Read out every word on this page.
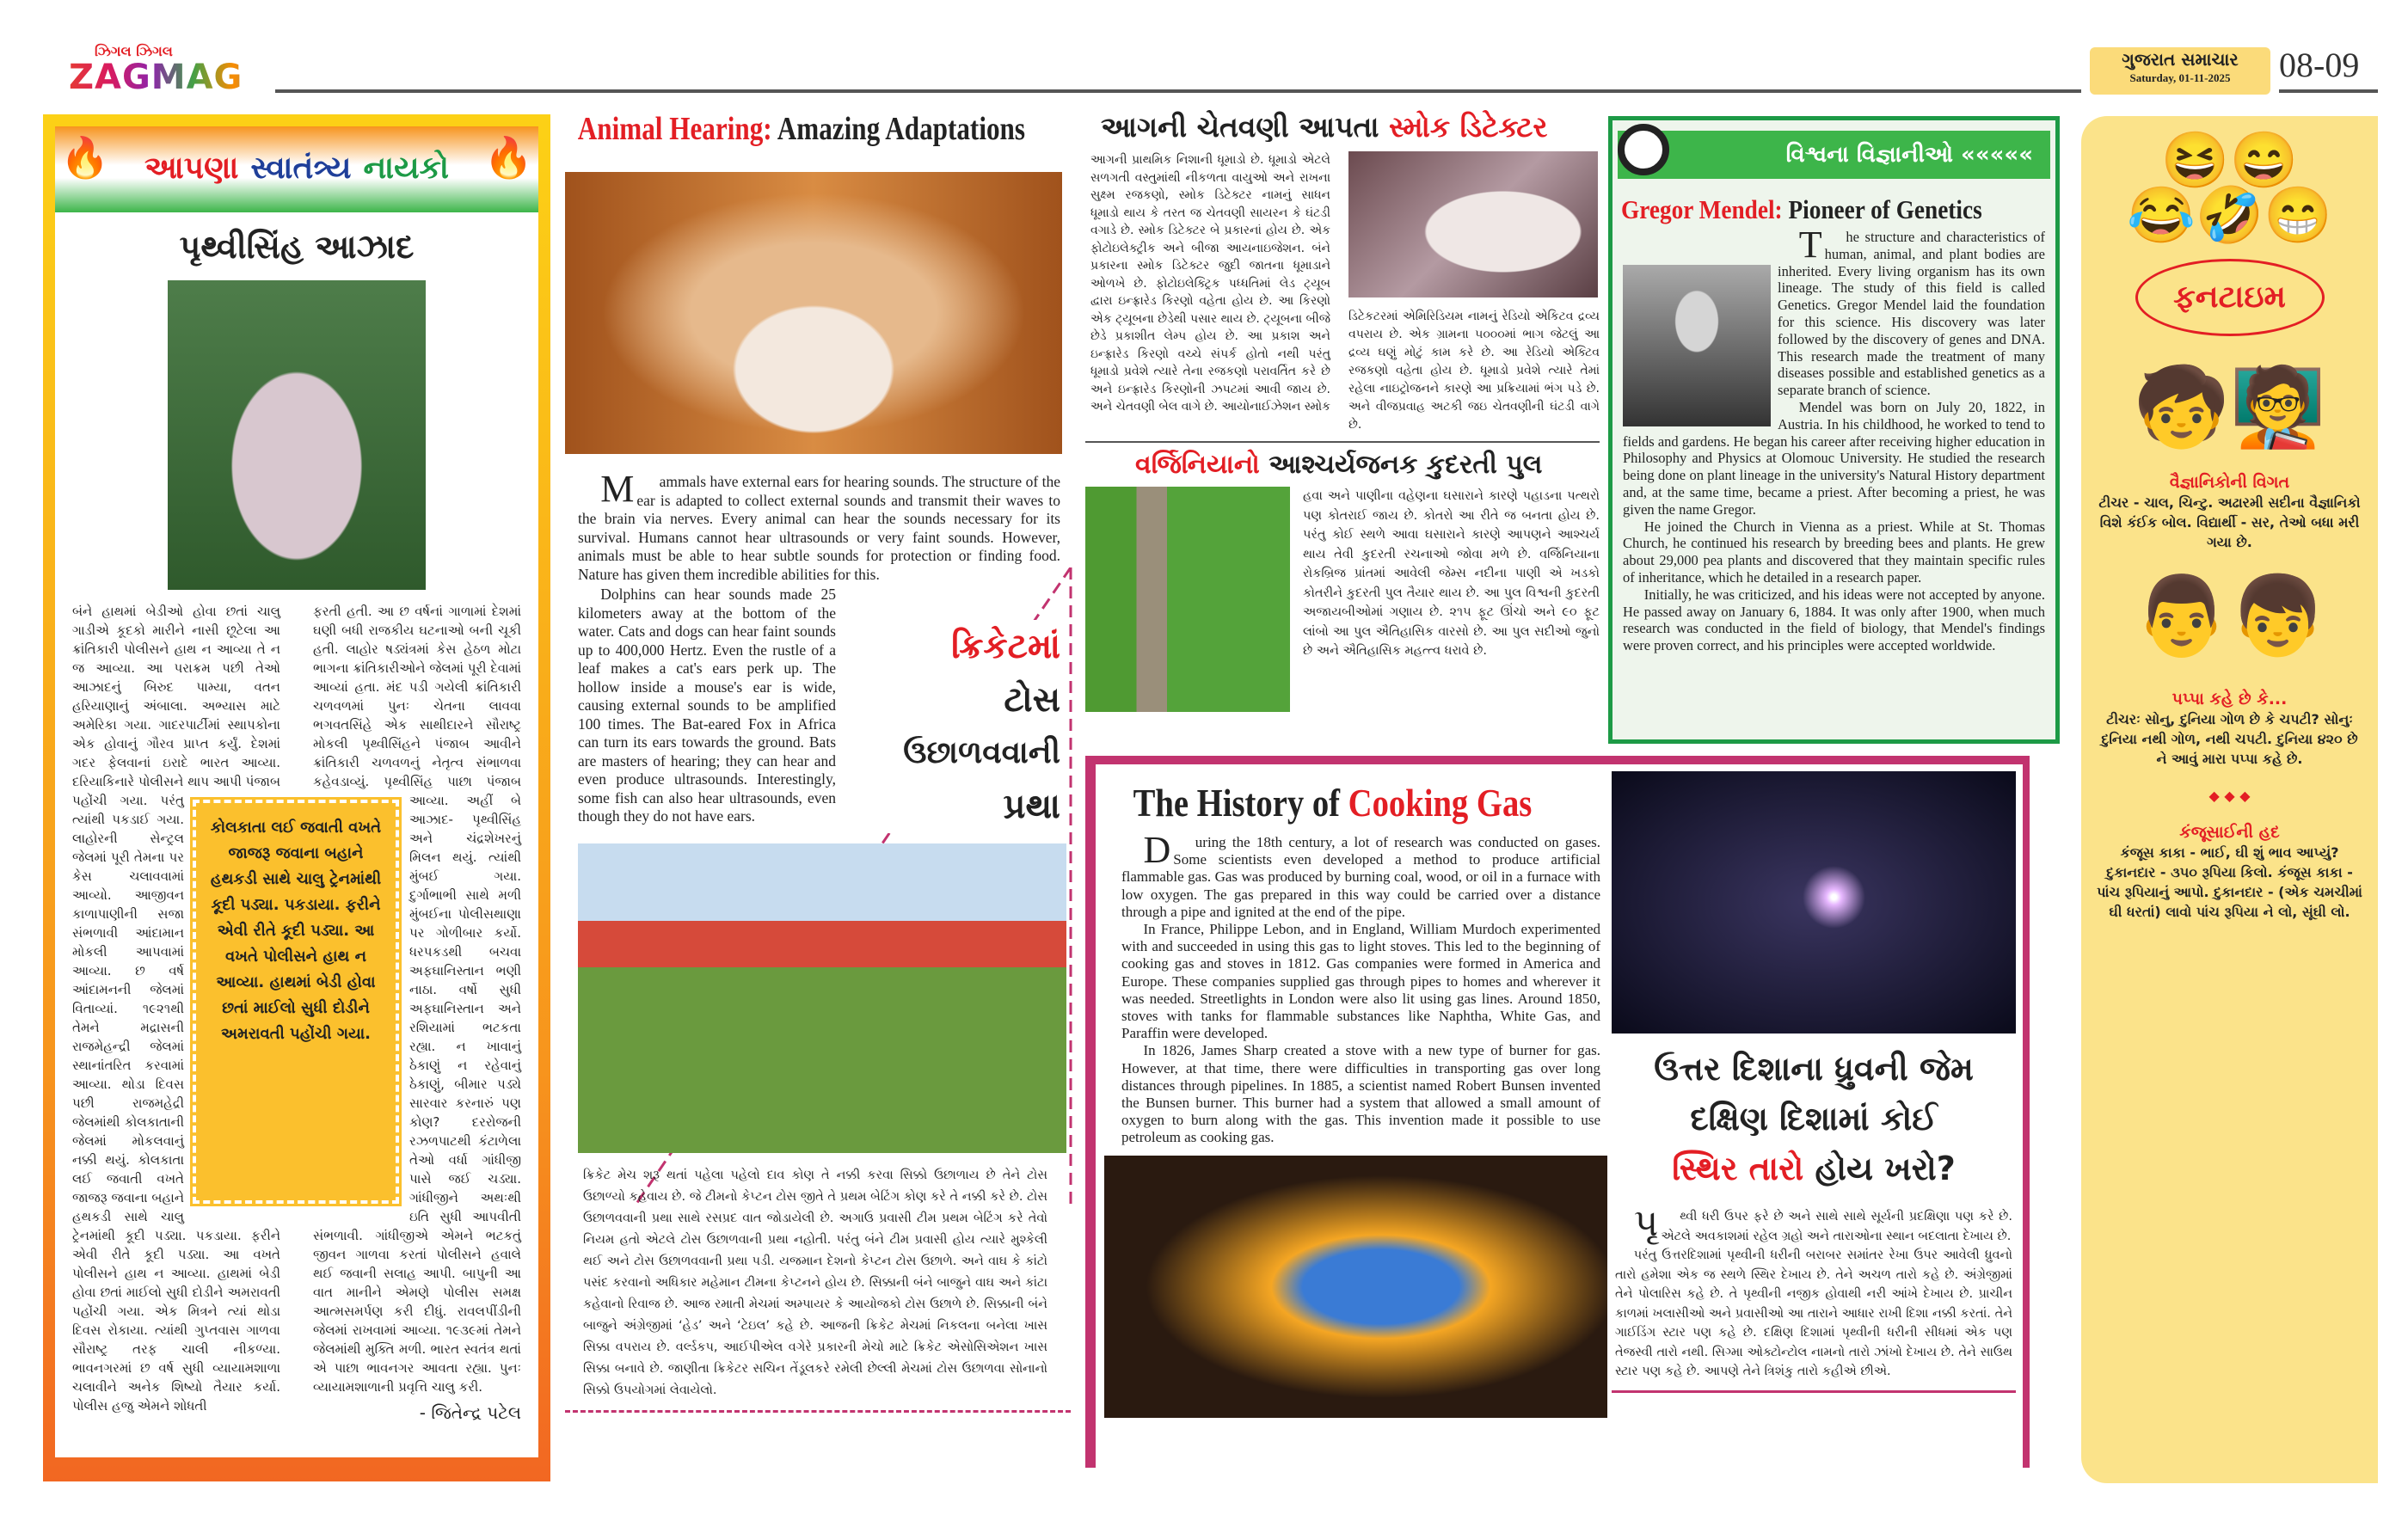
ઝિગલ ઝિગલ
ZAGMAG	ગુજરાત સમાચાર
Saturday, 01-11-2025	08-09
🔥	🔥
આપણા સ્વાતંત્ર્ય નાયકો
પૃથ્વીસિંહ આઝાદ
બંને હાથમાં બેડીઓ હોવા છતાં ચાલુ ગાડીએ કૂદકો મારીને નાસી છૂટેલા આ ક્રાંતિકારી પોલીસને હાથ ન આવ્યા તે ન જ આવ્યા. આ પરાક્રમ પછી તેઓ આઝાદનું બિરુદ પામ્યા, વતન હરિયાણાનું અંબાલા. અભ્યાસ માટે અમેરિકા ગયા. ગાદરપાર્ટીમાં સ્થાપકોના એક હોવાનું ગૌરવ પ્રાપ્ત કર્યું. દેશમાં ગદર ફેલવાનાં ઇરાદે ભારત આવ્યા. દરિયાકિનારે પોલીસને થાપ આપી પંજાબ પહોંચી ગયા. પરંતુ ત્યાંથી પકડાઈ ગયા. લાહોરની સેન્ટ્રલ જેલમાં પૂરી તેમના પર કેસ ચલાવવામાં આવ્યો. આજીવન કાળાપાણીની સજા સંભળાવી આંદામાન મોકલી આપવામાં આવ્યા. છ વર્ષ આંદામનની જેલમાં વિતાવ્યાં. ૧૯૨૧થી તેમને મદ્રાસની રાજમેહન્દ્રી જેલમાં સ્થાનાંતરિત કરવામાં આવ્યા. થોડા દિવસ પછી રાજમહેદ્રી જેલમાંથી કોલકાતાની જેલમાં મોકલવાનું નક્કી થયું. કોલકાતા લઈ જવાતી વખતે જાજરૂ જવાના બહાને હથકડી સાથે ચાલુ ટ્રેનમાંથી કૂદી પડ્યા. પકડાયા. ફરીને એવી રીતે કૂદી પડ્યા. આ વખતે પોલીસને હાથ ન આવ્યા. હાથમાં બેડી હોવા છતાં માઈલો સુધી દોડીને અમરાવતી પહોંચી ગયા. એક મિત્રને ત્યાં થોડા દિવસ રોકાયા. ત્યાંથી ગુપ્તવાસ ગાળવા સૌરાષ્ટ્ર તરફ ચાલી નીકળ્યા. ભાવનગરમાં છ વર્ષ સુધી વ્યાયામશાળા ચલાવીને અનેક શિષ્યો તૈયાર કર્યા. પોલીસ હજુ એમને શોધતી
ફરતી હતી. આ છ વર્ષનાં ગાળામાં દેશમાં ઘણી બધી રાજકીય ઘટનાઓ બની ચૂકી હતી. લાહોર ષડ્યંત્રમાં કેસ હેઠળ મોટા ભાગના ક્રાંતિકારીઓને જેલમાં પૂરી દેવામાં આવ્યાં હતા. મંદ પડી ગયેલી ક્રાંતિકારી ચળવળમાં પુનઃ ચેતના લાવવા ભગવતસિંહે એક સાથીદારને સૌરાષ્ટ્ર મોકલી પૃથ્વીસિંહને પંજાબ આવીને ક્રાંતિકારી ચળવળનું નેતૃત્વ સંભાળવા કહેવડાવ્યું. પૃથ્વીસિંહ પાછા પંજાબ આવ્યા. અહીં બે આઝાદ- પૃથ્વીસિંહ અને ચંદ્રશેખરનું મિલન થયું. ત્યાંથી મુંબઈ ગયા. દુર્ગાભાભી સાથે મળી મુંબઈના પોલીસથાણા પર ગોળીબાર કર્યો. ધરપકડથી બચવા અફઘાનિસ્તાન ભણી નાઠા. વર્ષો સુધી અફઘાનિસ્તાન અને રશિયામાં ભટકતા રહ્યા. ન ખાવાનું ઠેકાણું ન રહેવાનું ઠેકાણું, બીમાર પડ્યે સારવાર કરનારું પણ કોણ? દરરોજની રઝળપાટથી કંટાળેલા તેઓ વર્ધા ગાંધીજી પાસે જઈ ચડ્યા. ગાંધીજીને અથઃથી ઇતિ સુધી આપવીતી સંભળાવી. ગાંધીજીએ એમને ભટકતું જીવન ગાળવા કરતાં પોલીસને હવાલે થઈ જવાની સલાહ આપી. બાપુની આ વાત માનીને એમણે પોલીસ સમક્ષ આત્મસમર્પણ કરી દીધું. રાવલપીંડીની જેલમાં રાખવામાં આવ્યા. ૧૯૩૯માં તેમને જેલમાંથી મુક્તિ મળી. ભારત સ્વતંત્ર થતાં એ પાછા ભાવનગર આવતા રહ્યા. પુનઃ વ્યાયામશાળાની પ્રવૃત્તિ ચાલુ કરી.
- જિતેન્દ્ર પટેલ
કોલકાતા લઈ જવાતી વખતે જાજરૂ જવાના બહાને હથકડી સાથે ચાલુ ટ્રેનમાંથી કૂદી પડ્યા. પકડાયા. ફરીને એવી રીતે કૂદી પડ્યા. આ વખતે પોલીસને હાથ ન આવ્યા. હાથમાં બેડી હોવા છતાં માઈલો સુધી દોડીને અમરાવતી પહોંચી ગયા.
Animal Hearing: Amazing Adaptations

Mammals have external ears for hearing sounds. The structure of the ear is adapted to collect external sounds and transmit their waves to the brain via nerves. Every animal can hear the sounds necessary for its survival. Humans cannot hear ultrasounds or very faint sounds. However, animals must be able to hear subtle sounds for protection or finding food. Nature has given them incredible abilities for this.

Dolphins can hear sounds made 25 kilometers away at the bottom of the water. Cats and dogs can hear faint sounds up to 400,000 Hertz. Even the rustle of a leaf makes a cat's ears perk up. The hollow inside a mouse's ear is wide, causing external sounds to be amplified 100 times. The Bat-eared Fox in Africa can turn its ears towards the ground. Bats are masters of hearing; they can hear and even produce ultrasounds. Interestingly, some fish can also hear ultrasounds, even though they do not have ears.

ક્રિકેટમાં
ટોસ
ઉછાળવવાની
પ્રથા
ક્રિકેટ મેચ શરૂ થતાં પહેલા પહેલો દાવ કોણ તે નક્કી કરવા સિક્કો ઉછાળાય છે તેને ટોસ ઉછાળ્યો કહેવાય છે. જે ટીમનો કેપ્ટન ટોસ જીતે તે પ્રથમ બેટિંગ કોણ કરે તે નક્કી કરે છે. ટોસ ઉછાળવવાની પ્રથા સાથે રસપ્રદ વાત જોડાયેલી છે. અગાઉ પ્રવાસી ટીમ પ્રથમ બેટિંગ કરે તેવો નિયમ હતો એટલે ટોસ ઉછાળવાની પ્રથા નહોતી. પરંતુ બંને ટીમ પ્રવાસી હોય ત્યારે મુશ્કેલી થઈ અને ટોસ ઉછાળવવાની પ્રથા પડી. યજમાન દેશનો કેપ્ટન ટોસ ઉછાળે. અને વાઘ કે કાંટો પસંદ કરવાનો અધિકાર મહેમાન ટીમના કેપ્ટનને હોય છે. સિક્કાની બંને બાજુને વાઘ અને કાંટા કહેવાનો રિવાજ છે. આજ રમાતી મેચમાં અમ્પાયર કે આયોજકો ટોસ ઉછાળે છે. સિક્કાની બંને બાજુને અંગ્રેજીમાં ‘હેડ’ અને ‘ટેઇલ’ કહે છે. આજની ક્રિકેટ મેચમાં નિકલના બનેલા ખાસ સિક્કા વપરાય છે. વર્લ્ડકપ, આઈપીએલ વગેરે પ્રકારની મેચો માટે ક્રિકેટ એસોસિએશન ખાસ સિક્કા બનાવે છે. જાણીતા ક્રિકેટર સચિન તેંડૂલકરે રમેલી છેલ્લી મેચમાં ટોસ ઉછાળવા સોનાનો સિક્કો ઉપયોગમાં લેવાયેલો.
આગની ચેતવણી આપતા સ્મોક ડિટેક્ટર
આગની પ્રાથમિક નિશાની ધૂમાડો છે. ધૂમાડો એટલે સળગતી વસ્તુમાંથી નીકળતા વાયુઓ અને રાખના સુક્ષ્મ રજકણો, સ્મોક ડિટેક્ટર નામનું સાધન ધૂમાડો થાય કે તરત જ ચેતવણી સાયરન કે ઘંટડી વગાડે છે. સ્મોક ડિટેક્ટર બે પ્રકારનાં હોય છે. એક ફોટોઇલેક્ટ્રીક અને બીજા આયનાઇજેશન. બંને પ્રકારના સ્મોક ડિટેક્ટર જુદી જાતના ધૂમાડાને ઓળખે છે. ફોટોઇલેક્ટ્રિક પધ્ધતિમાં લેડ ટ્યૂબ દ્વારા ઇન્ફ્રારેડ કિરણો વહેતા હોય છે. આ કિરણો એક ટ્યૂબના છેડેથી પસાર થાય છે. ટ્યૂબના બીજે છેડે પ્રકાશીત લેમ્પ હોય છે. આ પ્રકાશ અને ઇન્ફ્રારેડ કિરણો વચ્ચે સંપર્ક હોતો નથી પરંતુ ધૂમાડો પ્રવેશે ત્યારે તેના રજકણો પરાવર્તિત કરે છે અને ઇન્ફ્રારેડ કિરણોની ઝપટમાં આવી જાય છે. અને ચેતવણી બેલ વાગે છે. આયોનાઈઝેશન સ્મોક
ડિટેકટરમાં એમિરિડિયમ નામનું રેડિયો એકિટવ દ્રવ્ય વપરાય છે. એક ગ્રામના ૫૦૦૦માં ભાગ જેટલું આ દ્રવ્ય ઘણું મોટું કામ કરે છે. આ રેડિયો એક્ટિવ રજકણો વહેતા હોય છે. ધૂમાડો પ્રવેશે ત્યારે તેમાં રહેલા નાઇટ્રોજનને કારણે આ પ્રક્રિયામાં ભંગ પડે છે. અને વીજપ્રવાહ અટકી જઇ ચેતવણીની ઘંટડી વાગે છે.
વર્જિનિયાનો આશ્ચર્યજનક કુદરતી પુલ
હવા અને પાણીના વહેણના ઘસારાને કારણે પહાડના પત્થરો પણ કોતરાઈ જાય છે. કોતરો આ રીતે જ બનતા હોય છે. પરંતુ કોઈ સ્થળે આવા ઘસારાને કારણે આપણને આશ્ચર્ય થાય તેવી કુદરતી રચનાઓ જોવા મળે છે. વર્જિનિયાના રોકબ્રિજ પ્રાંતમાં આવેલી જેમ્સ નદીના પાણી એ ખડકો કોતરીને કુદરતી પુલ તૈયાર થાય છે. આ પુલ વિશ્વની કુદરતી અજાયબીઓમાં ગણાય છે. ૨૧૫ ફૂટ ઊંચો અને ૯૦ ફૂટ લાંબો આ પુલ ઐતિહાસિક વારસો છે. આ પુલ સદીઓ જુનો છે અને ઐતિહાસિક મહત્ત્વ ધરાવે છે.
વિશ્વના વિજ્ઞાનીઓ «««««
Gregor Mendel: Pioneer of Genetics

The structure and characteristics of human, animal, and plant bodies are inherited. Every living organism has its own lineage. The study of this field is called Genetics. Gregor Mendel laid the foundation for this science. His discovery was later followed by the discovery of genes and DNA. This research made the treatment of many diseases possible and established genetics as a separate branch of science.

Mendel was born on July 20, 1822, in Austria. In his childhood, he worked to tend to fields and gardens. He began his career after receiving higher education in Philosophy and Physics at Olomouc University. He studied the research being done on plant lineage in the university's Natural History department and, at the same time, became a priest. After becoming a priest, he was given the name Gregor.

He joined the Church in Vienna as a priest. While at St. Thomas Church, he continued his research by breeding bees and plants. He grew about 29,000 pea plants and discovered that they maintain specific rules of inheritance, which he detailed in a research paper.

Initially, he was criticized, and his ideas were not accepted by anyone. He passed away on January 6, 1884. It was only after 1900, when much research was conducted in the field of biology, that Mendel's findings were proven correct, and his principles were accepted worldwide.

The History of Cooking Gas

During the 18th century, a lot of research was conducted on gases. Some scientists even developed a method to produce artificial flammable gas. Gas was produced by burning coal, wood, or oil in a furnace with low oxygen. The gas prepared in this way could be carried over a distance through a pipe and ignited at the end of the pipe.

In France, Philippe Lebon, and in England, William Murdoch experimented with and succeeded in using this gas to light stoves. This led to the beginning of cooking gas and stoves in 1812. Gas companies were formed in America and Europe. These companies supplied gas through pipes to homes and wherever it was needed. Streetlights in London were also lit using gas lines. Around 1850, stoves with tanks for flammable substances like Naphtha, White Gas, and Paraffin were developed.

In 1826, James Sharp created a stove with a new type of burner for gas. However, at that time, there were difficulties in transporting gas over long distances through pipelines. In 1885, a scientist named Robert Bunsen invented the Bunsen burner. This burner had a system that allowed a small amount of oxygen to burn along with the gas. This invention made it possible to use petroleum as cooking gas.

ઉત્તર દિશાના ધ્રુવની જેમ
દક્ષિણ દિશામાં કોઈ
સ્થિર તારો હોય ખરો?

પૃથ્વી ધરી ઉપર ફરે છે અને સાથે સાથે સૂર્યની પ્રદક્ષિણા પણ કરે છે. એટલે અવકાશમાં રહેલ ગ્રહો અને તારાઓના સ્થાન બદલાતા દેખાય છે.

પરંતુ ઉત્તરદિશામાં પૃથ્વીની ધરીની બરાબર સમાંતર રેખા ઉપર આવેલી ધ્રુવનો તારો હમેશા એક જ સ્થળે સ્થિર દેખાય છે. તેને અચળ તારો કહે છે. અંગ્રેજીમાં તેને પોલારિસ કહે છે. તે પૃથ્વીની નજીક હોવાથી નરી આંખે દેખાય છે. પ્રાચીન કાળમાં ખલાસીઓ અને પ્રવાસીઓ આ તારાને આધાર રાખી દિશા નક્કી કરતાં. તેને ગાઈડિંગ સ્ટાર પણ કહે છે. દક્ષિણ દિશામાં પૃથ્વીની ધરીની સીધમાં એક પણ તેજસ્વી તારો નથી. સિગ્મા ઓક્ટોન્ટોલ નામનો તારો ઝાંખો દેખાય છે. તેને સાઉથ સ્ટાર પણ કહે છે. આપણે તેને ત્રિશંકુ તારો કહીએ છીએ.

😆😄
😂🤣😁
ફનટાઇમ
🧒🧑‍🏫
વૈજ્ઞાનિકોની વિગત
ટીચર - ચાલ, ચિન્ટુ. અઢારમી સદીના વૈજ્ઞાનિકો વિશે કંઈક બોલ. વિદ્યાર્થી - સર, તેઓ બધા મરી ગયા છે.
👨👦
પપ્પા કહે છે કે...
ટીચરઃ સોનુ, દુનિયા ગોળ છે કે ચપટી? સોનુઃ દુનિયા નથી ગોળ, નથી ચપટી. દુનિયા ૪૨૦ છે ને આવું મારા પપ્પા કહે છે.
◆ ◆ ◆
કંજૂસાઈની હદ
કંજૂસ કાકા - ભાઈ, ઘી શું ભાવ આપ્યું? દુકાનદાર - ૩૫૦ રૂપિયા કિલો. કંજૂસ કાકા - પાંચ રૂપિયાનું આપો. દુકાનદાર - (એક ચમચીમાં ઘી ધરતાં) લાવો પાંચ રૂપિયા ને લો, સૂંઘી લો.
